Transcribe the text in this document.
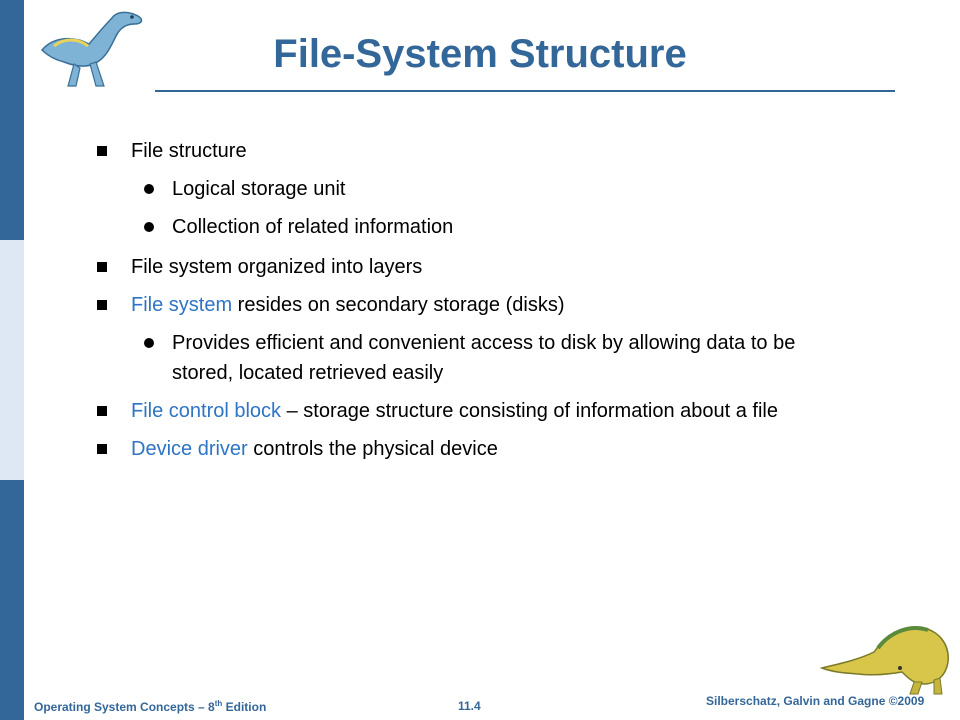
File-System Structure
File structure
Logical storage unit
Collection of related information
File system organized into layers
File system resides on secondary storage (disks)
Provides efficient and convenient access to disk by allowing data to be
stored, located retrieved easily
File control block – storage structure consisting of information about a file
Device driver controls the physical device
Operating System Concepts – 8th Edition	11.4	Silberschatz, Galvin and Gagne ©2009
